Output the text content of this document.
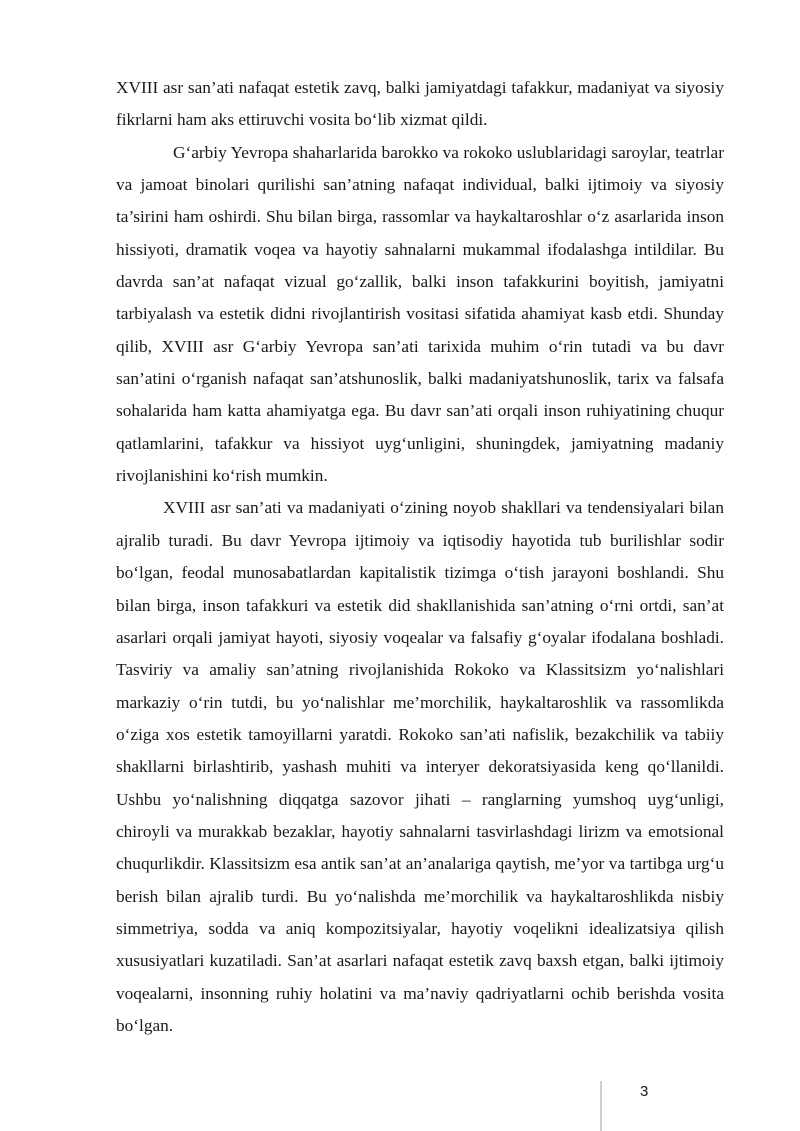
XVIII asr san’ati nafaqat estetik zavq, balki jamiyatdagi tafakkur, madaniyat va siyosiy fikrlarni ham aks ettiruvchi vosita bo‘lib xizmat qildi.

G‘arbiy Yevropa shaharlarida barokko va rokoko uslublaridagi saroylar, teatrlar va jamoat binolari qurilishi san’atning nafaqat individual, balki ijtimoiy va siyosiy ta’sirini ham oshirdi. Shu bilan birga, rassomlar va haykaltaroshlar o‘z asarlarida inson hissiyoti, dramatik voqea va hayotiy sahnalarni mukammal ifodalashga intildilar. Bu davrda san’at nafaqat vizual go‘zallik, balki inson tafakkurini boyitish, jamiyatni tarbiyalash va estetik didni rivojlantirish vositasi sifatida ahamiyat kasb etdi. Shunday qilib, XVIII asr G‘arbiy Yevropa san’ati tarixida muhim o‘rin tutadi va bu davr san’atini o‘rganish nafaqat san’atshunoslik, balki madaniyatshunoslik, tarix va falsafa sohalarida ham katta ahamiyatga ega. Bu davr san’ati orqali inson ruhiyatining chuqur qatlamlarini, tafakkur va hissiyot uyg‘unligini, shuningdek, jamiyatning madaniy rivojlanishini ko‘rish mumkin.

XVIII asr san’ati va madaniyati o‘zining noyob shakllari va tendensiyalari bilan ajralib turadi. Bu davr Yevropa ijtimoiy va iqtisodiy hayotida tub burilishlar sodir bo‘lgan, feodal munosabatlardan kapitalistik tizimga o‘tish jarayoni boshlandi. Shu bilan birga, inson tafakkuri va estetik did shakllanishida san’atning o‘rni ortdi, san’at asarlari orqali jamiyat hayoti, siyosiy voqealar va falsafiy g‘oyalar ifodalana boshladi. Tasviriy va amaliy san’atning rivojlanishida Rokoko va Klassitsizm yo‘nalishlari markaziy o‘rin tutdi, bu yo‘nalishlar me’morchilik, haykaltaroshlik va rassomlikda o‘ziga xos estetik tamoyillarni yaratdi. Rokoko san’ati nafislik, bezakchilik va tabiiy shakllarni birlashtirib, yashash muhiti va interyer dekoratsiyasida keng qo‘llanildi. Ushbu yo‘nalishning diqqatga sazovor jihati – ranglarning yumshoq uyg‘unligi, chiroyli va murakkab bezaklar, hayotiy sahnalarni tasvirlashdagi lirizm va emotsional chuqurlikdir. Klassitsizm esa antik san’at an’analariga qaytish, me’yor va tartibga urg‘u berish bilan ajralib turdi. Bu yo‘nalishda me’morchilik va haykaltaroshlikda nisbiy simmetriya, sodda va aniq kompozitsiyalar, hayotiy voqelikni idealizatsiya qilish xususiyatlari kuzatiladi. San’at asarlari nafaqat estetik zavq baxsh etgan, balki ijtimoiy voqealarni, insonning ruhiy holatini va ma’naviy qadriyatlarni ochib berishda vosita bo‘lgan.

3
